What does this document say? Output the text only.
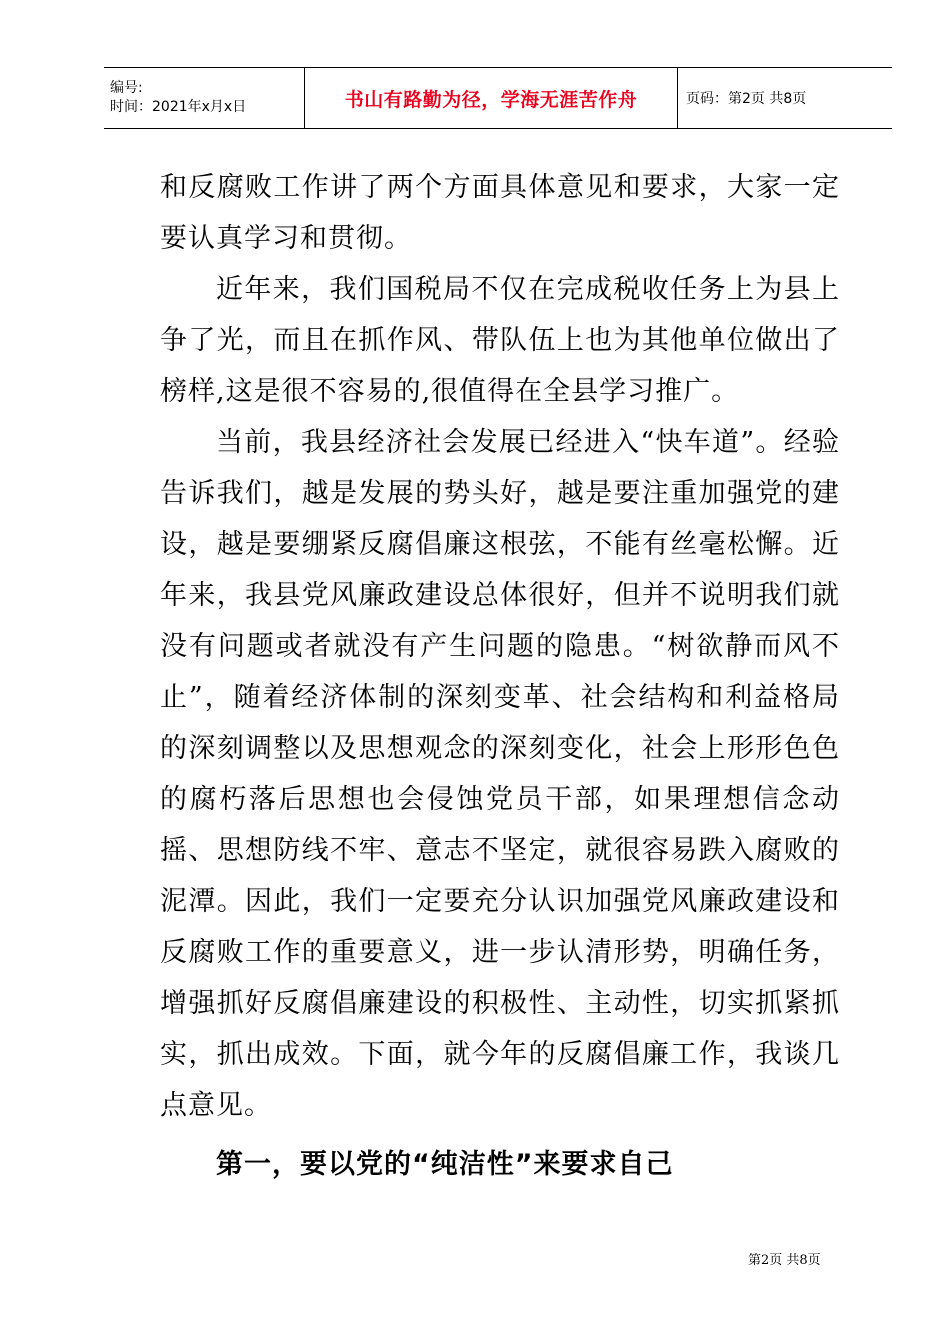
编号:
时间：2021年x月x日	书山有路勤为径，学海无涯苦作舟	页码：第2页 共8页

和反腐败工作讲了两个方面具体意见和要求，大家一定要认真学习和贯彻。

近年来，我们国税局不仅在完成税收任务上为县上争了光，而且在抓作风、带队伍上也为其他单位做出了榜样,这是很不容易的,很值得在全县学习推广。

当前，我县经济社会发展已经进入“快车道”。经验告诉我们，越是发展的势头好，越是要注重加强党的建设，越是要绷紧反腐倡廉这根弦，不能有丝毫松懈。近年来，我县党风廉政建设总体很好，但并不说明我们就没有问题或者就没有产生问题的隐患。“树欲静而风不止”，随着经济体制的深刻变革、社会结构和利益格局的深刻调整以及思想观念的深刻变化，社会上形形色色的腐朽落后思想也会侵蚀党员干部，如果理想信念动摇、思想防线不牢、意志不坚定，就很容易跌入腐败的泥潭。因此，我们一定要充分认识加强党风廉政建设和反腐败工作的重要意义，进一步认清形势，明确任务，增强抓好反腐倡廉建设的积极性、主动性，切实抓紧抓实，抓出成效。下面，就今年的反腐倡廉工作，我谈几点意见。

第一，要以党的“纯洁性”来要求自己

第2页 共8页
